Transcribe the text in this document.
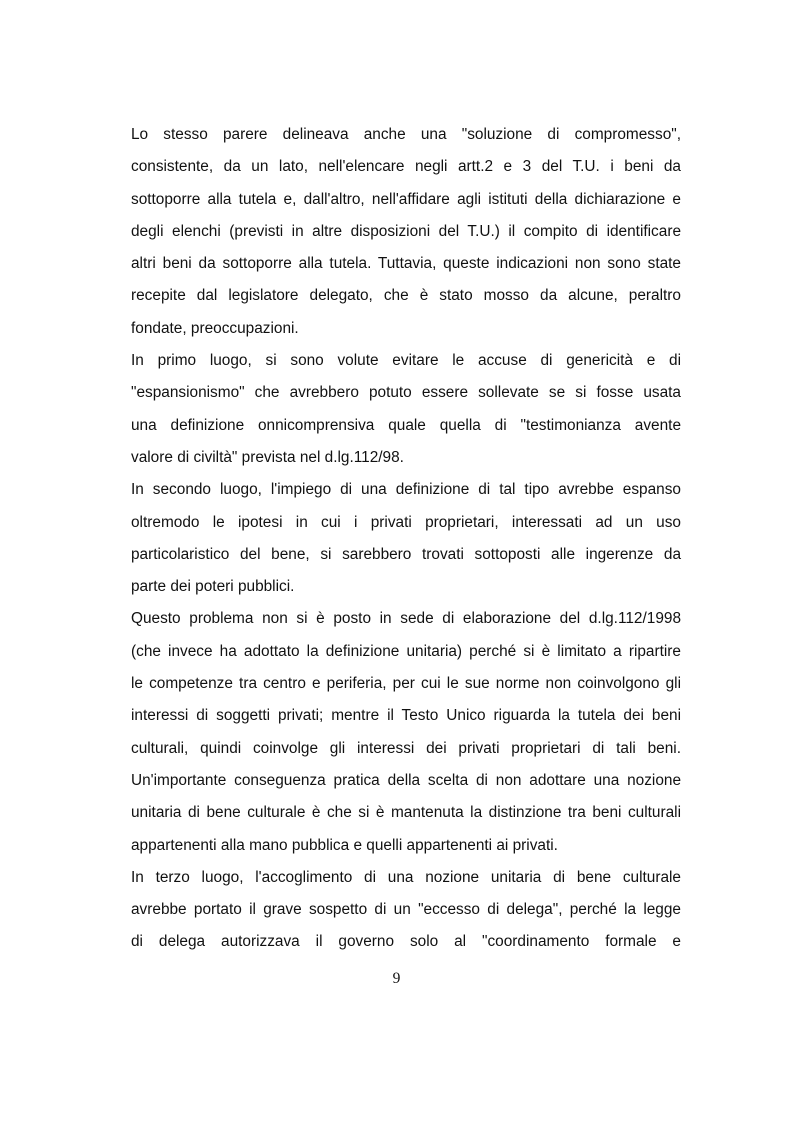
Lo stesso parere delineava anche una "soluzione di compromesso",
consistente, da un lato, nell'elencare negli artt.2 e 3 del T.U. i beni da
sottoporre alla tutela e, dall'altro, nell'affidare agli istituti della dichiarazione e
degli elenchi (previsti in altre disposizioni del T.U.) il compito di identificare
altri beni da sottoporre alla tutela. Tuttavia, queste indicazioni non sono state
recepite dal legislatore delegato, che è stato mosso da alcune, peraltro
fondate, preoccupazioni.
In primo luogo, si sono volute evitare le accuse di genericità e di
"espansionismo" che avrebbero potuto essere sollevate se si fosse usata
una definizione onnicomprensiva quale quella di "testimonianza avente
valore di civiltà" prevista nel d.lg.112/98.
In secondo luogo, l'impiego di una definizione di tal tipo avrebbe espanso
oltremodo le ipotesi in cui i privati proprietari, interessati ad un uso
particolaristico del bene, si sarebbero trovati sottoposti alle ingerenze da
parte dei poteri pubblici.
Questo problema non si è posto in sede di elaborazione del d.lg.112/1998
(che invece ha adottato la definizione unitaria) perché si è limitato a ripartire
le competenze tra centro e periferia, per cui le sue norme non coinvolgono gli
interessi di soggetti privati; mentre il Testo Unico riguarda la tutela dei beni
culturali, quindi coinvolge gli interessi dei privati proprietari di tali beni.
Un'importante conseguenza pratica della scelta di non adottare una nozione
unitaria di bene culturale è che si è mantenuta la distinzione tra beni culturali
appartenenti alla mano pubblica e quelli appartenenti ai privati.
In terzo luogo, l'accoglimento di una nozione unitaria di bene culturale
avrebbe portato il grave sospetto di un "eccesso di delega", perché la legge
di delega autorizzava il governo solo al "coordinamento formale e
9
